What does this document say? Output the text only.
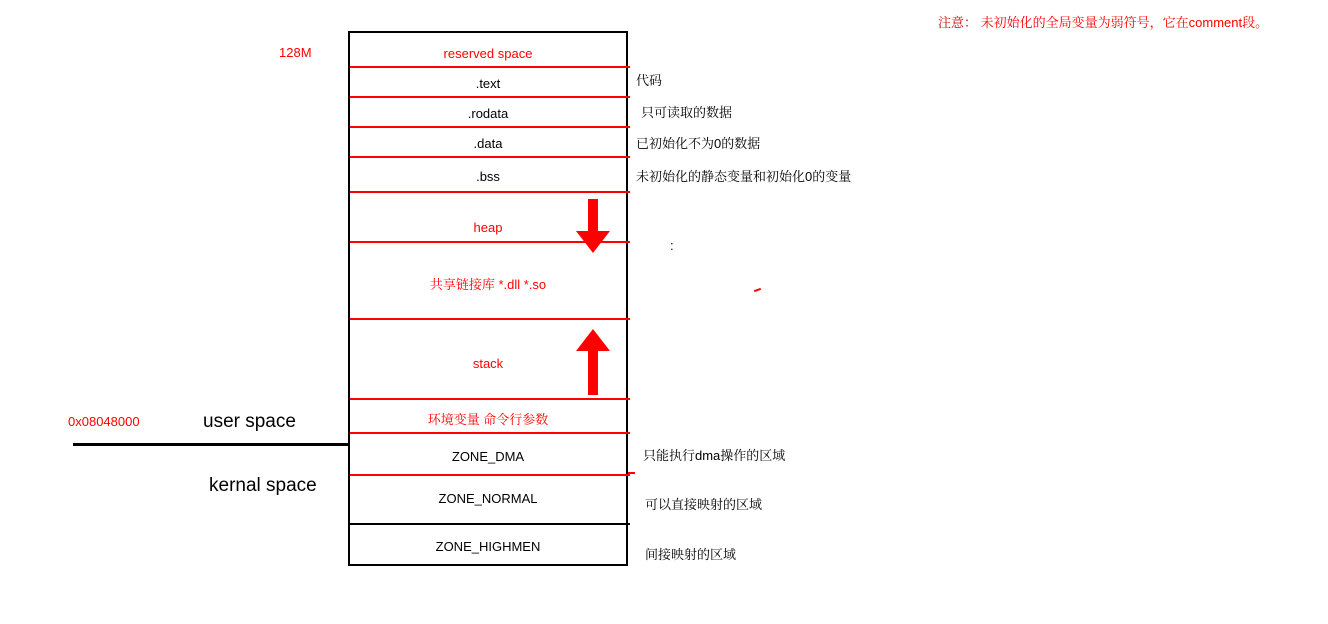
注意： 未初始化的全局变量为弱符号，它在comment段。
128M
0x08048000	user space
kernal space
:
reserved space
.text
.rodata
.data
.bss
heap
共享链接库 *.dll *.so
stack
环境变量 命令行参数
ZONE_DMA
ZONE_NORMAL
ZONE_HIGHMEN
代码
只可读取的数据
已初始化不为0的数据
未初始化的静态变量和初始化0的变量
只能执行dma操作的区域
可以直接映射的区域
间接映射的区域
